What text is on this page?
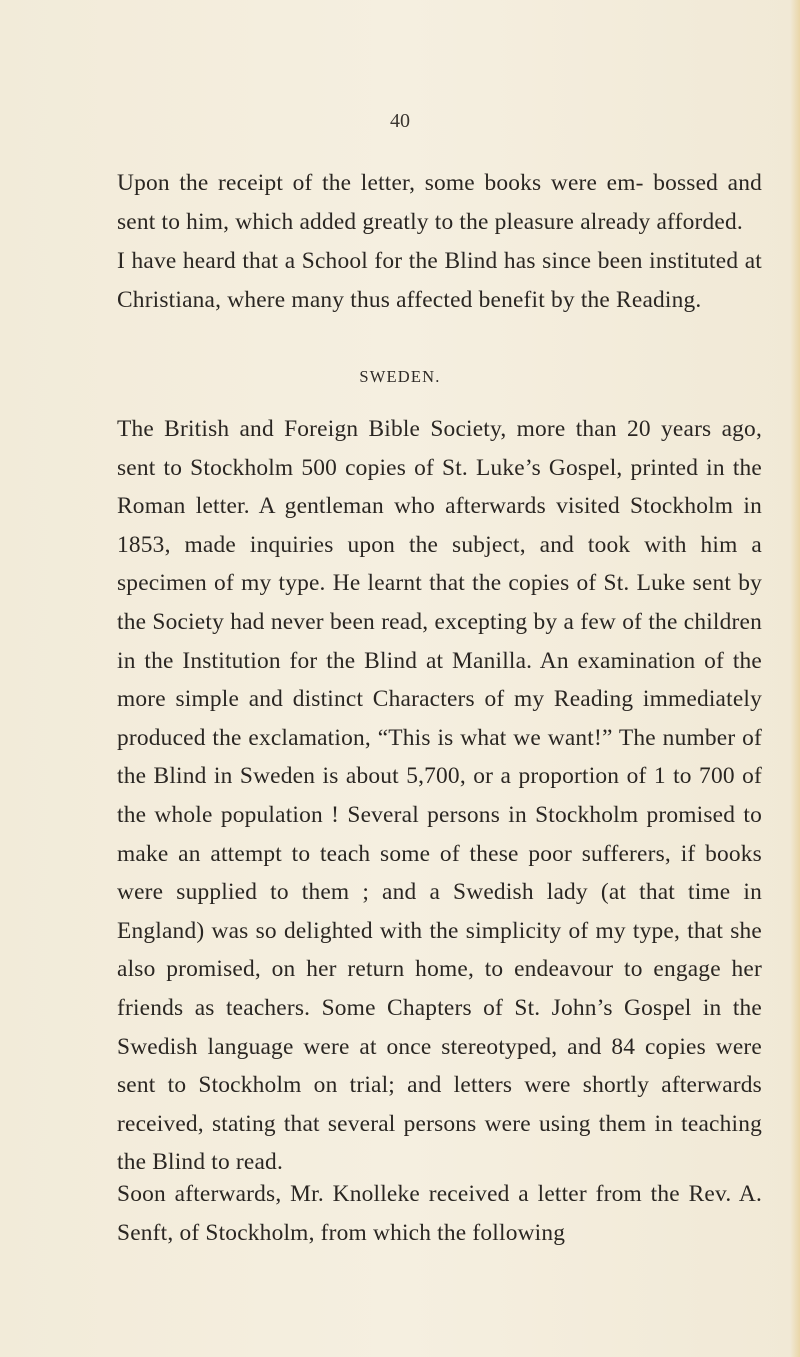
40

Upon the receipt of the letter, some books were em- bossed and sent to him, which added greatly to the pleasure already afforded.

I have heard that a School for the Blind has since been instituted at Christiana, where many thus affected benefit by the Reading.

SWEDEN.

The British and Foreign Bible Society, more than 20 years ago, sent to Stockholm 500 copies of St. Luke’s Gospel, printed in the Roman letter. A gentleman who afterwards visited Stockholm in 1853, made inquiries upon the subject, and took with him a specimen of my type. He learnt that the copies of St. Luke sent by the Society had never been read, excepting by a few of the children in the Institution for the Blind at Manilla. An examination of the more simple and distinct Characters of my Reading immediately produced the exclamation, “This is what we want!” The number of the Blind in Sweden is about 5,700, or a proportion of 1 to 700 of the whole population ! Several persons in Stockholm promised to make an attempt to teach some of these poor sufferers, if books were supplied to them ; and a Swedish lady (at that time in England) was so delighted with the simplicity of my type, that she also promised, on her return home, to endeavour to engage her friends as teachers. Some Chapters of St. John’s Gospel in the Swedish language were at once stereotyped, and 84 copies were sent to Stockholm on trial; and letters were shortly afterwards received, stating that several persons were using them in teaching the Blind to read.

Soon afterwards, Mr. Knolleke received a letter from the Rev. A. Senft, of Stockholm, from which the following
